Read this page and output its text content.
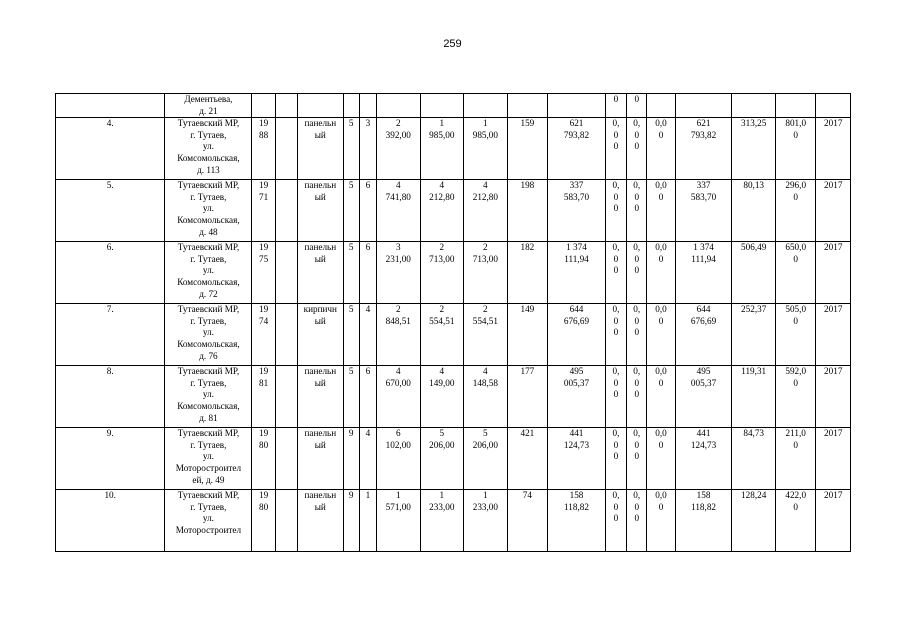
259
	Дементьева,
д. 21											0	0					
4.	Тутаевский МР,
г. Тутаев,
ул.
Комсомольская,
д. 113	19
88		панельн
ый	5	3	2
392,00	1
985,00	1
985,00	159	621
793,82	0,
0
0	0,
0
0	0,0
0	621
793,82	313,25	801,0
0	2017
5.	Тутаевский МР,
г. Тутаев,
ул.
Комсомольская,
д. 48	19
71		панельн
ый	5	6	4
741,80	4
212,80	4
212,80	198	337
583,70	0,
0
0	0,
0
0	0,0
0	337
583,70	80,13	296,0
0	2017
6.	Тутаевский МР,
г. Тутаев,
ул.
Комсомольская,
д. 72	19
75		панельн
ый	5	6	3
231,00	2
713,00	2
713,00	182	1 374
111,94	0,
0
0	0,
0
0	0,0
0	1 374
111,94	506,49	650,0
0	2017
7.	Тутаевский МР,
г. Тутаев,
ул.
Комсомольская,
д. 76	19
74		кирпичн
ый	5	4	2
848,51	2
554,51	2
554,51	149	644
676,69	0,
0
0	0,
0
0	0,0
0	644
676,69	252,37	505,0
0	2017
8.	Тутаевский МР,
г. Тутаев,
ул.
Комсомольская,
д. 81	19
81		панельн
ый	5	6	4
670,00	4
149,00	4
148,58	177	495
005,37	0,
0
0	0,
0
0	0,0
0	495
005,37	119,31	592,0
0	2017
9.	Тутаевский МР,
г. Тутаев,
ул.
Моторостроител
ей, д. 49	19
80		панельн
ый	9	4	6
102,00	5
206,00	5
206,00	421	441
124,73	0,
0
0	0,
0
0	0,0
0	441
124,73	84,73	211,0
0	2017
10.	Тутаевский МР,
г. Тутаев,
ул.
Моторостроител	19
80		панельн
ый	9	1	1
571,00	1
233,00	1
233,00	74	158
118,82	0,
0
0	0,
0
0	0,0
0	158
118,82	128,24	422,0
0	2017
